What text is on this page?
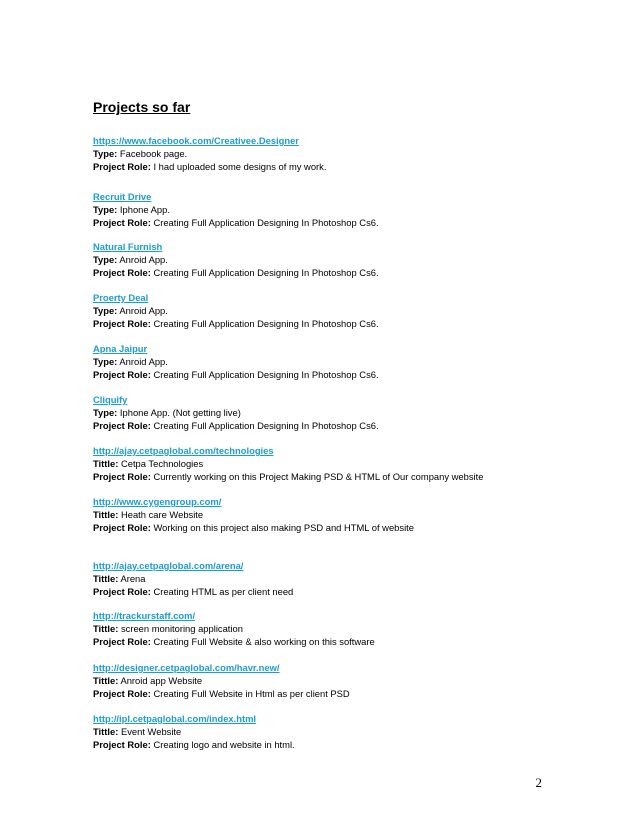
Projects so far
https://www.facebook.com/Creativee.Designer
Type: Facebook page.
Project Role: I had uploaded some designs of my work.
Recruit Drive
Type: Iphone App.
Project Role: Creating Full Application Designing In Photoshop Cs6.
Natural Furnish
Type: Anroid App.
Project Role: Creating Full Application Designing In Photoshop Cs6.
Proerty Deal
Type: Anroid App.
Project Role: Creating Full Application Designing In Photoshop Cs6.
Apna Jaipur
Type: Anroid App.
Project Role: Creating Full Application Designing In Photoshop Cs6.
Cliquify
Type: Iphone App. (Not getting live)
Project Role: Creating Full Application Designing In Photoshop Cs6.
http://ajay.cetpaglobal.com/technologies
Tittle: Cetpa Technologies
Project Role: Currently working on this Project Making PSD & HTML of Our company website
http://www.cygengroup.com/
Tittle: Heath care Website
Project Role: Working on this project also making PSD and HTML of website
http://ajay.cetpaglobal.com/arena/
Tittle: Arena
Project Role: Creating HTML as per client need
http://trackurstaff.com/
Tittle: screen monitoring application
Project Role: Creating Full Website & also working on this software
http://designer.cetpaglobal.com/havr.new/
Tittle: Anroid app Website
Project Role: Creating Full Website in Html as per client PSD
http://ipl.cetpaglobal.com/index.html
Tittle: Event Website
Project Role: Creating logo and website in html.
2
